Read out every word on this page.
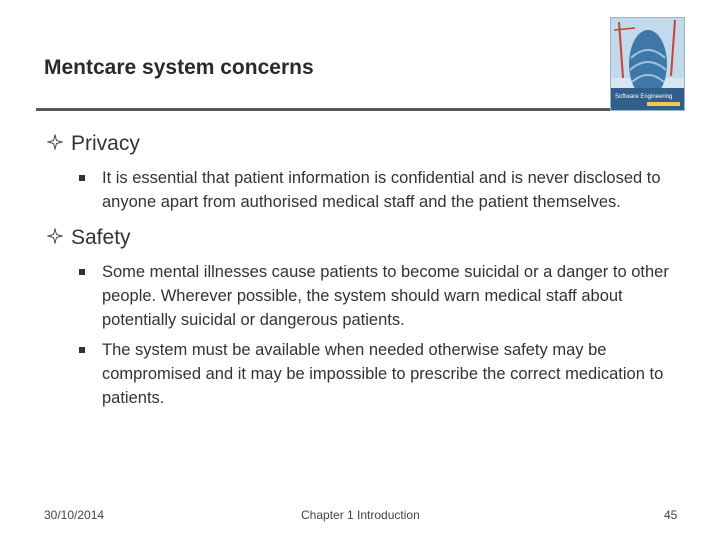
Mentcare system concerns
Software Engineering
Privacy
It is essential that patient information is confidential and is never disclosed to anyone apart from authorised medical staff and the patient themselves.
Safety
Some mental illnesses cause patients to become suicidal or a danger to other people. Wherever possible, the system should warn medical staff about potentially suicidal or dangerous patients.
The system must be available when needed otherwise safety may be compromised and it may be impossible to prescribe the correct medication to patients.
30/10/2014	Chapter 1 Introduction	45
